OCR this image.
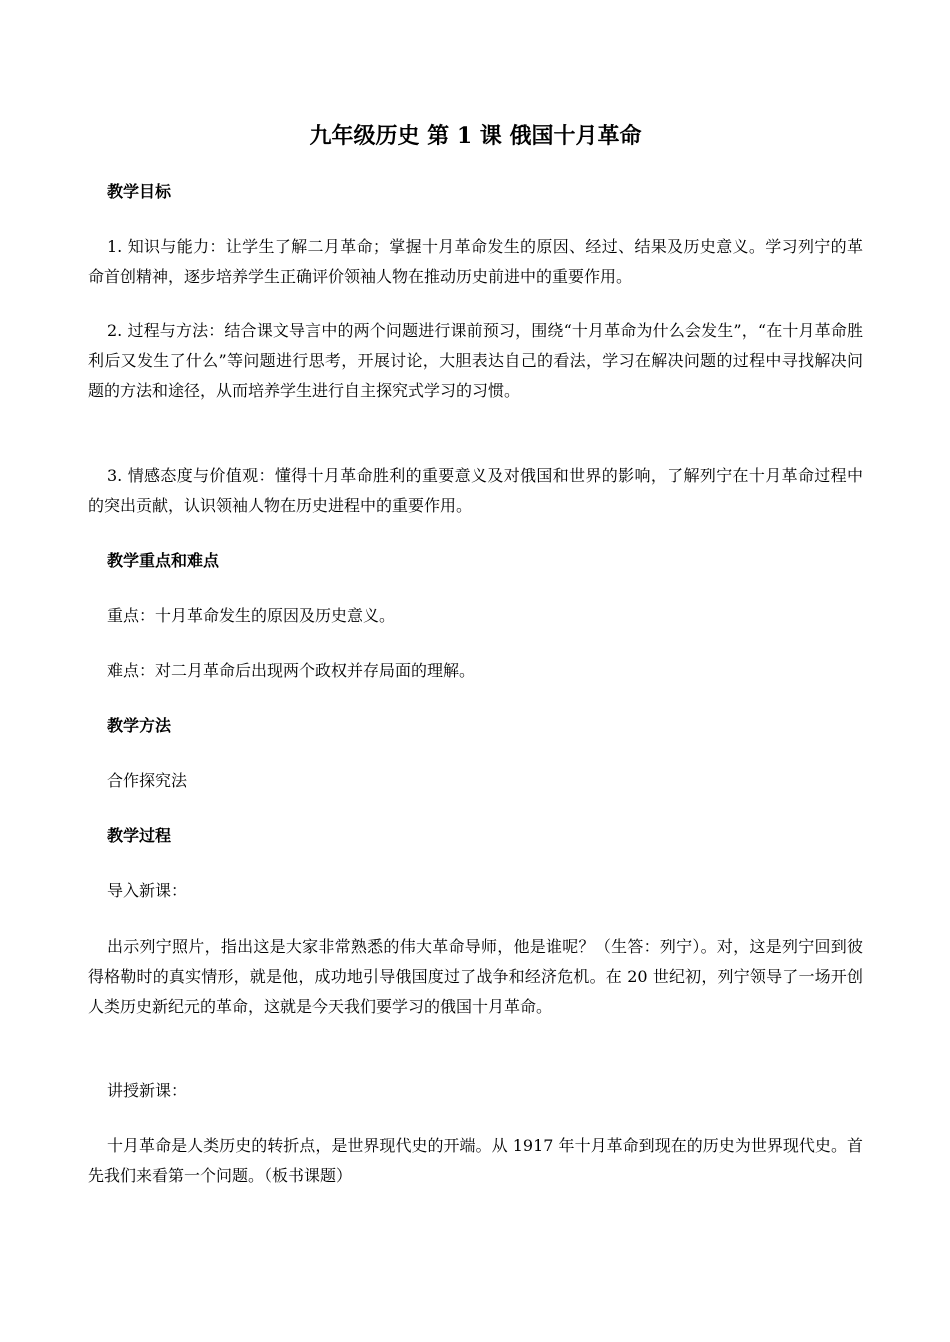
九年级历史 第 1 课 俄国十月革命

教学目标

1. 知识与能力：让学生了解二月革命；掌握十月革命发生的原因、经过、结果及历史意义。学习列宁的革命首创精神，逐步培养学生正确评价领袖人物在推动历史前进中的重要作用。

2. 过程与方法：结合课文导言中的两个问题进行课前预习，围绕“十月革命为什么会发生”，“在十月革命胜利后又发生了什么”等问题进行思考，开展讨论，大胆表达自己的看法，学习在解决问题的过程中寻找解决问题的方法和途径，从而培养学生进行自主探究式学习的习惯。

3. 情感态度与价值观：懂得十月革命胜利的重要意义及对俄国和世界的影响，了解列宁在十月革命过程中的突出贡献，认识领袖人物在历史进程中的重要作用。

教学重点和难点

重点：十月革命发生的原因及历史意义。

难点：对二月革命后出现两个政权并存局面的理解。

教学方法

合作探究法

教学过程

导入新课：

出示列宁照片，指出这是大家非常熟悉的伟大革命导师，他是谁呢？（生答：列宁）。对，这是列宁回到彼得格勒时的真实情形，就是他，成功地引导俄国度过了战争和经济危机。在 20 世纪初，列宁领导了一场开创人类历史新纪元的革命，这就是今天我们要学习的俄国十月革命。

讲授新课：

十月革命是人类历史的转折点，是世界现代史的开端。从 1917 年十月革命到现在的历史为世界现代史。首先我们来看第一个问题。（板书课题）
